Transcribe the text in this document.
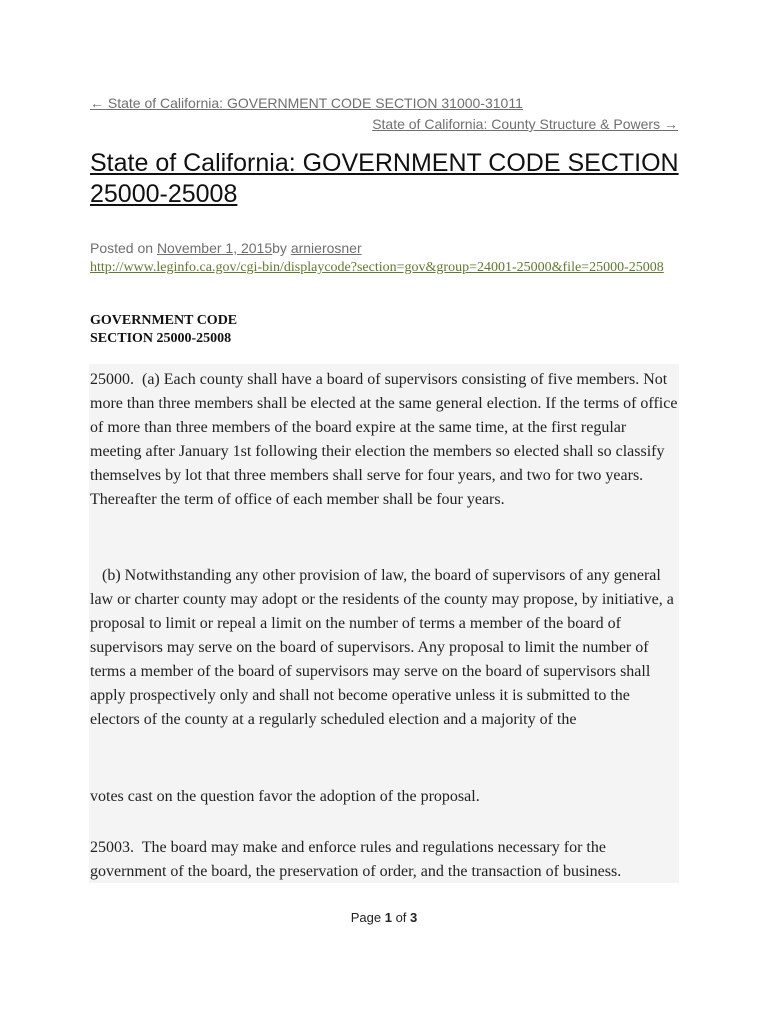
← State of California: GOVERNMENT CODE SECTION 31000-31011
State of California: County Structure & Powers →
State of California: GOVERNMENT CODE SECTION 25000-25008
Posted on November 1, 2015by arnierosner
http://www.leginfo.ca.gov/cgi-bin/displaycode?section=gov&group=24001-25000&file=25000-25008
GOVERNMENT CODE
SECTION 25000-25008

25000.  (a) Each county shall have a board of supervisors consisting of five members. Not more than three members shall be elected at the same general election. If the terms of office of more than three members of the board expire at the same time, at the first regular meeting after January 1st following their election the members so elected shall so classify themselves by lot that three members shall serve for four years, and two for two years. Thereafter the term of office of each member shall be four years.

(b) Notwithstanding any other provision of law, the board of supervisors of any general law or charter county may adopt or the residents of the county may propose, by initiative, a proposal to limit or repeal a limit on the number of terms a member of the board of supervisors may serve on the board of supervisors. Any proposal to limit the number of terms a member of the board of supervisors may serve on the board of supervisors shall apply prospectively only and shall not become operative unless it is submitted to the electors of the county at a regularly scheduled election and a majority of the

votes cast on the question favor the adoption of the proposal.

25003.  The board may make and enforce rules and regulations necessary for the government of the board, the preservation of order, and the transaction of business.

Page 1 of 3
